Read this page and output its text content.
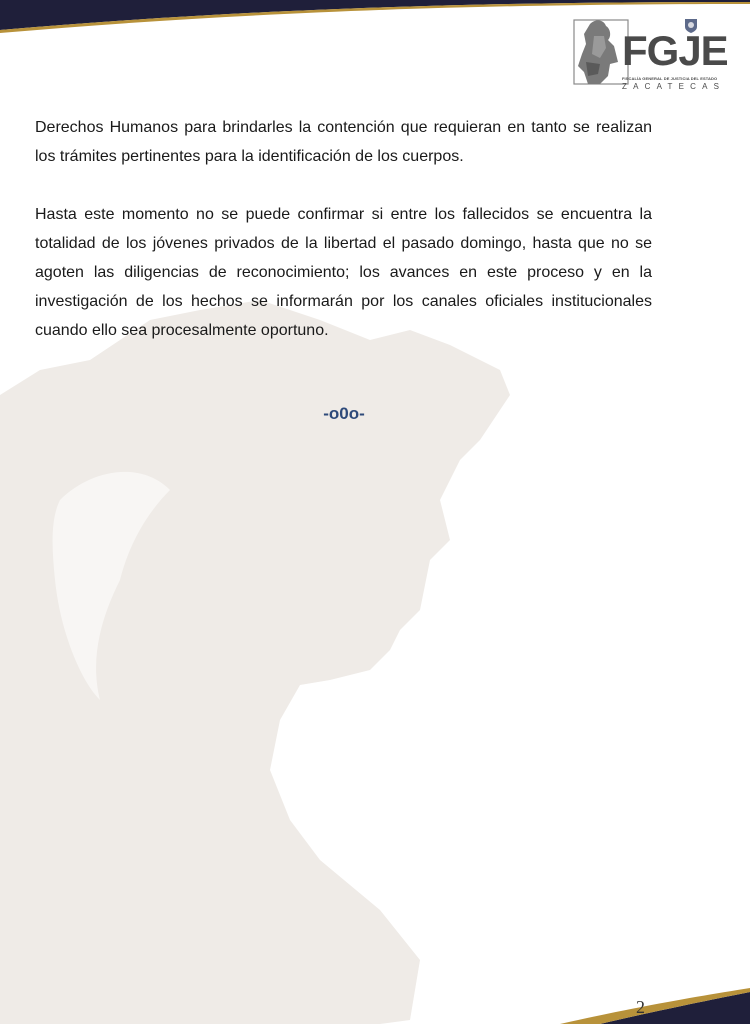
FGJE
FISCALÍA GENERAL DE JUSTICIA DEL ESTADO
ZACATECAS

Derechos Humanos para brindarles la contención que requieran en tanto se realizan los trámites pertinentes para la identificación de los cuerpos.

Hasta este momento no se puede confirmar si entre los fallecidos se encuentra la totalidad de los jóvenes privados de la libertad el pasado domingo, hasta que no se agoten las diligencias de reconocimiento; los avances en este proceso y en la investigación de los hechos se informarán por los canales oficiales institucionales cuando ello sea procesalmente oportuno.

-o0o-
2
